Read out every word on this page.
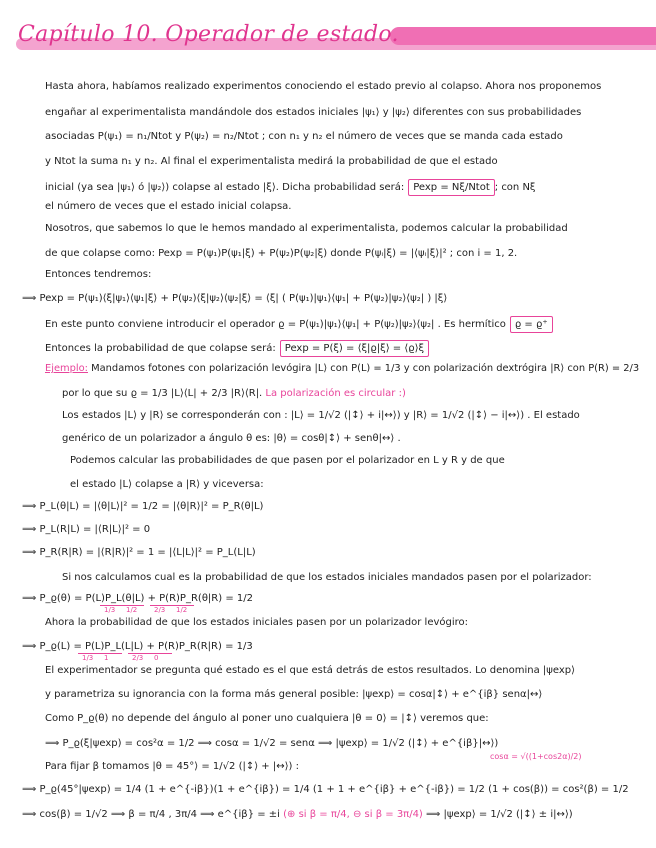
Capítulo 10. Operador de estado.
Hasta ahora, habíamos realizado experimentos conociendo el estado previo al colapso. Ahora nos proponemos
engañar al experimentalista mandándole dos estados iniciales |ψ₁⟩ y |ψ₂⟩ diferentes con sus probabilidades
asociadas P(ψ₁) = n₁/Ntot y P(ψ₂) = n₂/Ntot ; con n₁ y n₂ el número de veces que se manda cada estado
y Ntot la suma n₁ y n₂. Al final el experimentalista medirá la probabilidad de que el estado
inicial (ya sea |ψ₁⟩ ó |ψ₂⟩) colapse al estado |ξ⟩. Dicha probabilidad será: Pexp = Nξ/Ntot ; con Nξ
el número de veces que el estado inicial colapsa.
Nosotros, que sabemos lo que le hemos mandado al experimentalista, podemos calcular la probabilidad
de que colapse como: Pexp = P(ψ₁)P(ψ₁|ξ) + P(ψ₂)P(ψ₂|ξ) donde P(ψᵢ|ξ) = |⟨ψᵢ|ξ⟩|² ; con i = 1, 2.
Entonces tendremos:
⟹ Pexp = P(ψ₁)⟨ξ|ψ₁⟩⟨ψ₁|ξ⟩ + P(ψ₂)⟨ξ|ψ₂⟩⟨ψ₂|ξ⟩ = ⟨ξ| ( P(ψ₁)|ψ₁⟩⟨ψ₁| + P(ψ₂)|ψ₂⟩⟨ψ₂| ) |ξ⟩
En este punto conviene introducir el operador ϱ = P(ψ₁)|ψ₁⟩⟨ψ₁| + P(ψ₂)|ψ₂⟩⟨ψ₂| . Es hermítico ϱ = ϱ⁺
Entonces la probabilidad de que colapse será: Pexp = P(ξ) = ⟨ξ|ϱ|ξ⟩ = ⟨ϱ⟩ξ
Ejemplo: Mandamos fotones con polarización levógira |L⟩ con P(L) = 1/3 y con polarización dextrógira |R⟩ con P(R) = 2/3
por lo que su ϱ = 1/3 |L⟩⟨L| + 2/3 |R⟩⟨R|. La polarización es circular :)
Los estados |L⟩ y |R⟩ se corresponderán con : |L⟩ = 1/√2 (|↕⟩ + i|↔⟩) y |R⟩ = 1/√2 (|↕⟩ − i|↔⟩) . El estado
genérico de un polarizador a ángulo θ es: |θ⟩ = cosθ|↕⟩ + senθ|↔⟩ .
Podemos calcular las probabilidades de que pasen por el polarizador en L y R y de que
el estado |L⟩ colapse a |R⟩ y viceversa:
⟹ P_L(θ|L) = |⟨θ|L⟩|² = 1/2 = |⟨θ|R⟩|² = P_R(θ|L)
⟹ P_L(R|L) = |⟨R|L⟩|² = 0
⟹ P_R(R|R) = |⟨R|R⟩|² = 1 = |⟨L|L⟩|² = P_L(L|L)
Si nos calculamos cual es la probabilidad de que los estados iniciales mandados pasen por el polarizador:
⟹ P_ϱ(θ) = P(L)P_L(θ|L) + P(R)P_R(θ|R) = 1/2
Ahora la probabilidad de que los estados iniciales pasen por un polarizador levógiro:
⟹ P_ϱ(L) = P(L)P_L(L|L) + P(R)P_R(R|R) = 1/3
El experimentador se pregunta qué estado es el que está detrás de estos resultados. Lo denomina |ψexp⟩
y parametriza su ignorancia con la forma más general posible: |ψexp⟩ = cosα|↕⟩ + e^{iβ} senα|↔⟩
Como P_ϱ(θ) no depende del ángulo al poner uno cualquiera |θ = 0⟩ = |↕⟩ veremos que:
⟹ P_ϱ(ξ|ψexp) = cos²α = 1/2 ⟹ cosα = 1/√2 = senα ⟹ |ψexp⟩ = 1/√2 (|↕⟩ + e^{iβ}|↔⟩)
Para fijar β tomamos |θ = 45°⟩ = 1/√2 (|↕⟩ + |↔⟩) :
⟹ P_ϱ(45°|ψexp) = 1/4 (1 + e^{-iβ})(1 + e^{iβ}) = 1/4 (1 + 1 + e^{iβ} + e^{-iβ}) = 1/2 (1 + cos(β)) = cos²(β) = 1/2
⟹ cos(β) = 1/√2 ⟹ β = π/4 , 3π/4 ⟹ e^{iβ} = ±i (⊕ si β = π/4, ⊖ si β = 3π/4) ⟹ |ψexp⟩ = 1/√2 (|↕⟩ ± i|↔⟩)
1/3 1/2 2/3 1/2
1/3 1	2/3 0
cosα = √((1+cos2α)/2)
